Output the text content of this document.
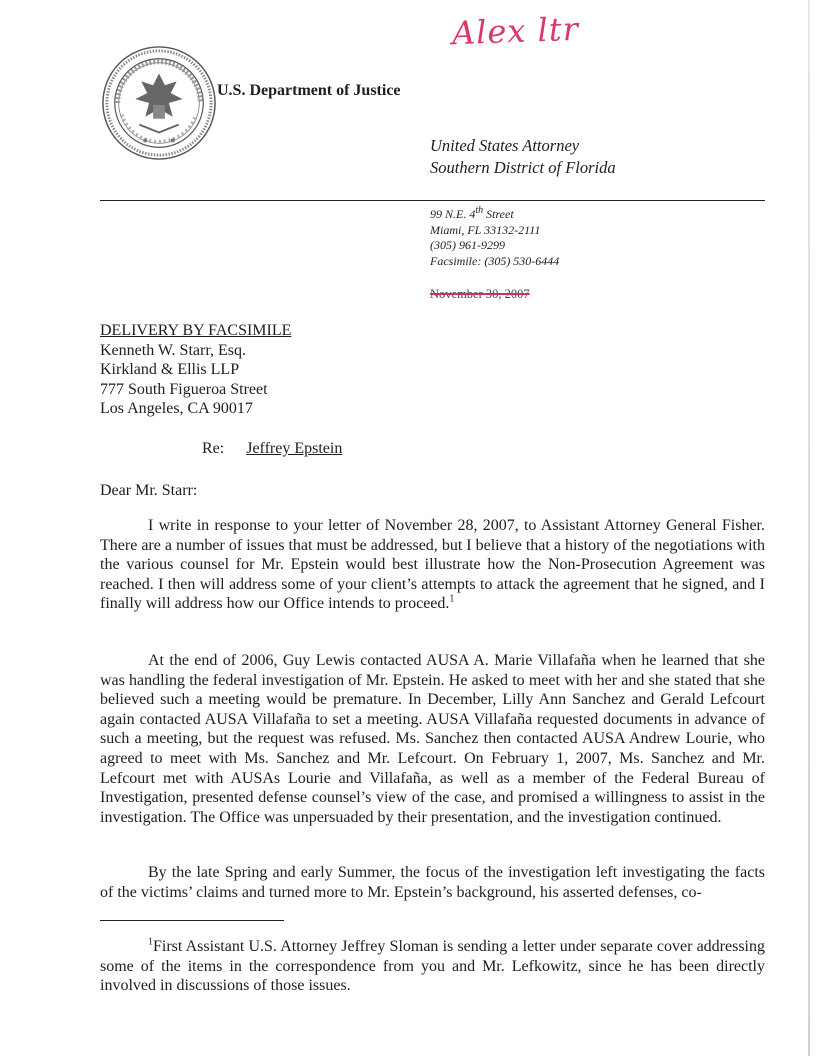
Alex ltr
U.S. Department of Justice
United States Attorney
Southern District of Florida
99 N.E. 4th Street
Miami, FL 33132-2111
(305) 961-9299
Facsimile: (305) 530-6444
November 30, 2007
DELIVERY BY FACSIMILE
Kenneth W. Starr, Esq.
Kirkland & Ellis LLP
777 South Figueroa Street
Los Angeles, CA 90017
Re: Jeffrey Epstein
Dear Mr. Starr:

I write in response to your letter of November 28, 2007, to Assistant Attorney General Fisher. There are a number of issues that must be addressed, but I believe that a history of the negotiations with the various counsel for Mr. Epstein would best illustrate how the Non-Prosecution Agreement was reached. I then will address some of your client’s attempts to attack the agreement that he signed, and I finally will address how our Office intends to proceed.$^1$

At the end of 2006, Guy Lewis contacted AUSA A. Marie Villafaña when he learned that she was handling the federal investigation of Mr. Epstein. He asked to meet with her and she stated that she believed such a meeting would be premature. In December, Lilly Ann Sanchez and Gerald Lefcourt again contacted AUSA Villafaña to set a meeting. AUSA Villafaña requested documents in advance of such a meeting, but the request was refused. Ms. Sanchez then contacted AUSA Andrew Lourie, who agreed to meet with Ms. Sanchez and Mr. Lefcourt. On February 1, 2007, Ms. Sanchez and Mr. Lefcourt met with AUSAs Lourie and Villafaña, as well as a member of the Federal Bureau of Investigation, presented defense counsel’s view of the case, and promised a willingness to assist in the investigation. The Office was unpersuaded by their presentation, and the investigation continued.

By the late Spring and early Summer, the focus of the investigation left investigating the facts of the victims’ claims and turned more to Mr. Epstein’s background, his asserted defenses, co-

$^1$First Assistant U.S. Attorney Jeffrey Sloman is sending a letter under separate cover addressing some of the items in the correspondence from you and Mr. Lefkowitz, since he has been directly involved in discussions of those issues.
